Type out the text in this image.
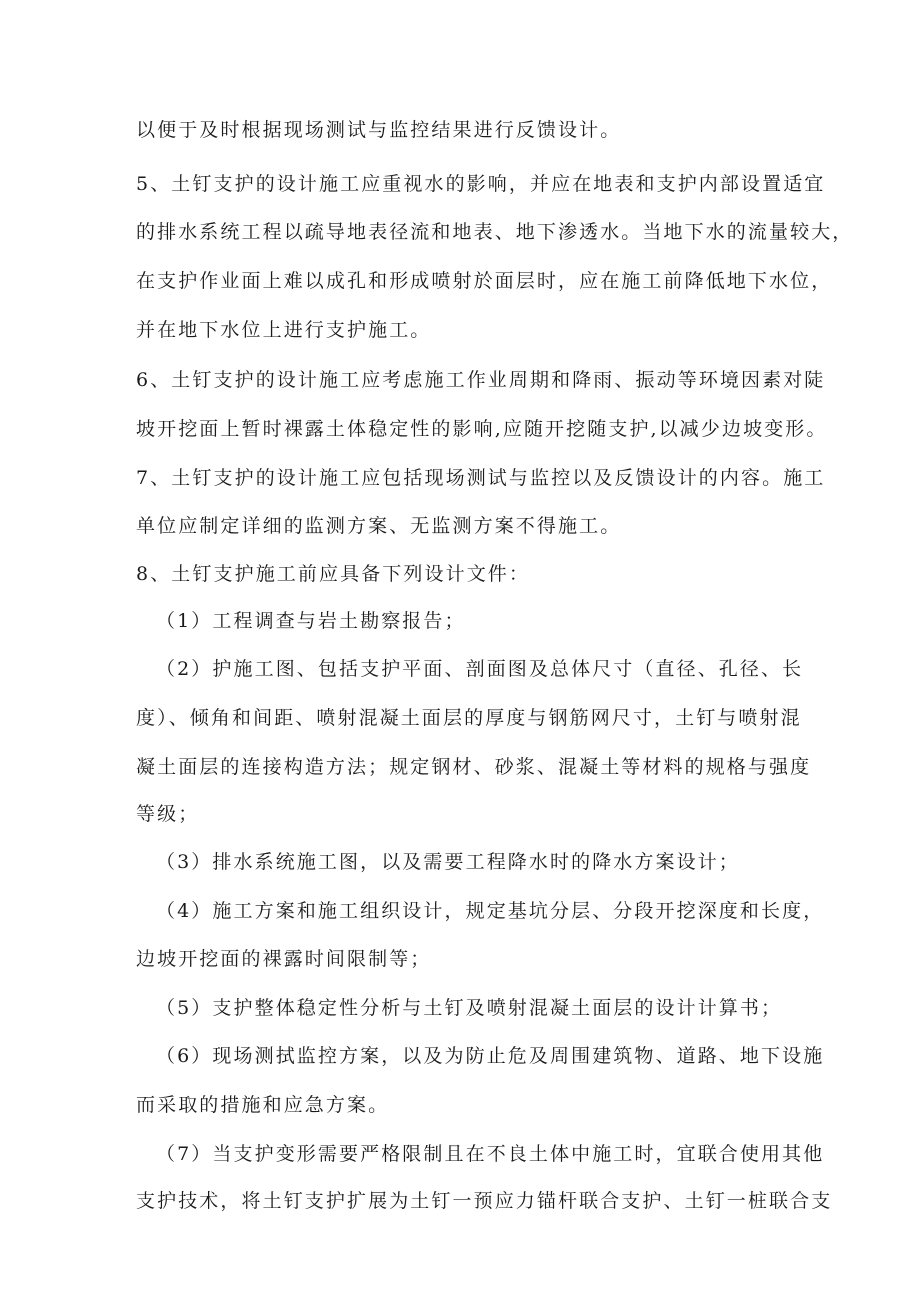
以便于及时根据现场测试与监控结果进行反馈设计。

5、土钉支护的设计施工应重视水的影响，并应在地表和支护内部设置适宜

的排水系统工程以疏导地表径流和地表、地下渗透水。当地下水的流量较大，

在支护作业面上难以成孔和形成喷射於面层时，应在施工前降低地下水位，

并在地下水位上进行支护施工。

6、土钉支护的设计施工应考虑施工作业周期和降雨、振动等环境因素对陡

坡开挖面上暂时裸露土体稳定性的影响,应随开挖随支护,以减少边坡变形。

7、土钉支护的设计施工应包括现场测试与监控以及反馈设计的内容。施工

单位应制定详细的监测方案、无监测方案不得施工。

8、土钉支护施工前应具备下列设计文件：

（1）工程调查与岩土勘察报告；

（2）护施工图、包括支护平面、剖面图及总体尺寸（直径、孔径、长

度）、倾角和间距、喷射混凝土面层的厚度与钢筋网尺寸，土钉与喷射混

凝土面层的连接构造方法；规定钢材、砂浆、混凝土等材料的规格与强度

等级；

（3）排水系统施工图，以及需要工程降水时的降水方案设计；

（4）施工方案和施工组织设计，规定基坑分层、分段开挖深度和长度，

边坡开挖面的裸露时间限制等；

（5）支护整体稳定性分析与土钉及喷射混凝土面层的设计计算书；

（6）现场测拭监控方案，以及为防止危及周围建筑物、道路、地下设施

而采取的措施和应急方案。

（7）当支护变形需要严格限制且在不良土体中施工时，宜联合使用其他

支护技术，将土钉支护扩展为土钉一预应力锚杆联合支护、土钉一桩联合支
